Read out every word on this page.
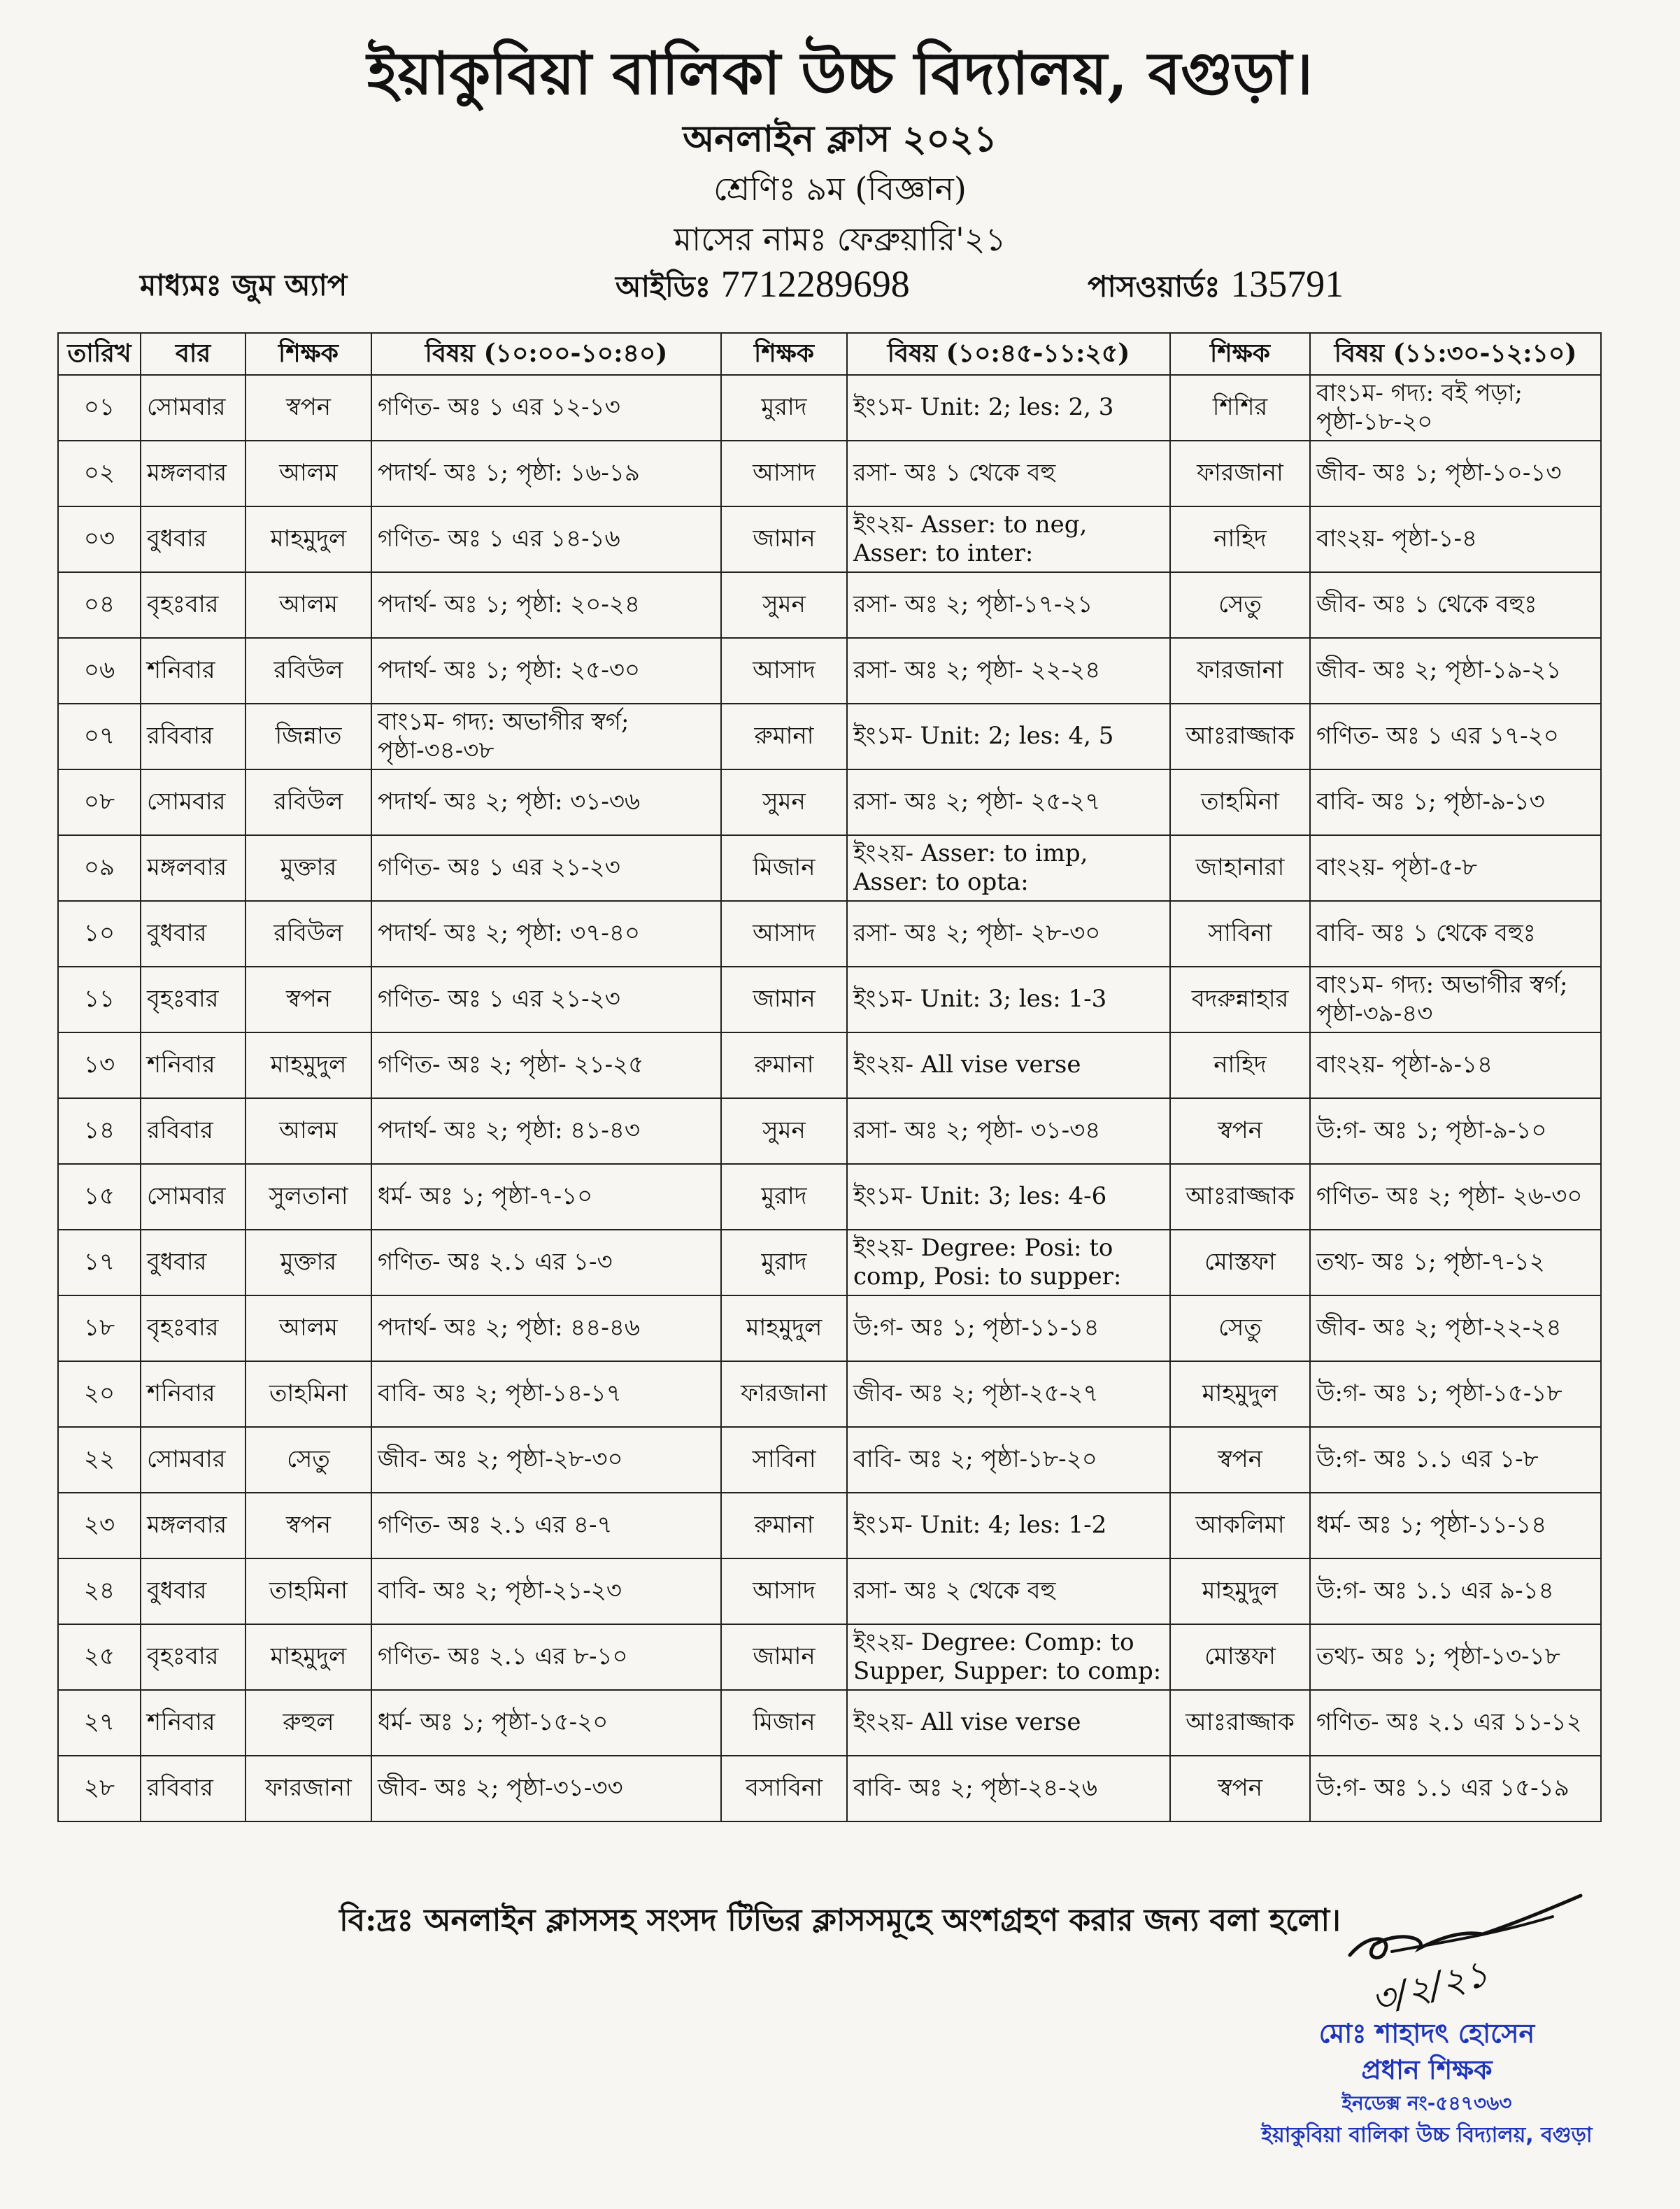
ইয়াকুবিয়া বালিকা উচ্চ বিদ্যালয়, বগুড়া।
অনলাইন ক্লাস ২০২১
শ্রেণিঃ ৯ম (বিজ্ঞান)
মাসের নামঃ ফেব্রুয়ারি'২১
মাধ্যমঃ জুম অ্যাপ	আইডিঃ 7712289698	পাসওয়ার্ডঃ 135791
তারিখ	বার	শিক্ষক	বিষয় (১০:০০-১০:৪০)	শিক্ষক	বিষয় (১০:৪৫-১১:২৫)	শিক্ষক	বিষয় (১১:৩০-১২:১০)
০১	সোমবার	স্বপন	গণিত- অঃ ১ এর ১২-১৩	মুরাদ	ইং১ম- Unit: 2; les: 2, 3	শিশির	বাং১ম- গদ্য: বই পড়া; পৃষ্ঠা-১৮-২০
০২	মঙ্গলবার	আলম	পদার্থ- অঃ ১; পৃষ্ঠা: ১৬-১৯	আসাদ	রসা- অঃ ১ থেকে বহু	ফারজানা	জীব- অঃ ১; পৃষ্ঠা-১০-১৩
০৩	বুধবার	মাহমুদুল	গণিত- অঃ ১ এর ১৪-১৬	জামান	ইং২য়- Asser: to neg, Asser: to inter:	নাহিদ	বাং২য়- পৃষ্ঠা-১-৪
০৪	বৃহঃবার	আলম	পদার্থ- অঃ ১; পৃষ্ঠা: ২০-২৪	সুমন	রসা- অঃ ২; পৃষ্ঠা-১৭-২১	সেতু	জীব- অঃ ১ থেকে বহুঃ
০৬	শনিবার	রবিউল	পদার্থ- অঃ ১; পৃষ্ঠা: ২৫-৩০	আসাদ	রসা- অঃ ২; পৃষ্ঠা- ২২-২৪	ফারজানা	জীব- অঃ ২; পৃষ্ঠা-১৯-২১
০৭	রবিবার	জিন্নাত	বাং১ম- গদ্য: অভাগীর স্বর্গ; পৃষ্ঠা-৩৪-৩৮	রুমানা	ইং১ম- Unit: 2; les: 4, 5	আঃরাজ্জাক	গণিত- অঃ ১ এর ১৭-২০
০৮	সোমবার	রবিউল	পদার্থ- অঃ ২; পৃষ্ঠা: ৩১-৩৬	সুমন	রসা- অঃ ২; পৃষ্ঠা- ২৫-২৭	তাহমিনা	বাবি- অঃ ১; পৃষ্ঠা-৯-১৩
০৯	মঙ্গলবার	মুক্তার	গণিত- অঃ ১ এর ২১-২৩	মিজান	ইং২য়- Asser: to imp, Asser: to opta:	জাহানারা	বাং২য়- পৃষ্ঠা-৫-৮
১০	বুধবার	রবিউল	পদার্থ- অঃ ২; পৃষ্ঠা: ৩৭-৪০	আসাদ	রসা- অঃ ২; পৃষ্ঠা- ২৮-৩০	সাবিনা	বাবি- অঃ ১ থেকে বহুঃ
১১	বৃহঃবার	স্বপন	গণিত- অঃ ১ এর ২১-২৩	জামান	ইং১ম- Unit: 3; les: 1-3	বদরুন্নাহার	বাং১ম- গদ্য: অভাগীর স্বর্গ; পৃষ্ঠা-৩৯-৪৩
১৩	শনিবার	মাহমুদুল	গণিত- অঃ ২; পৃষ্ঠা- ২১-২৫	রুমানা	ইং২য়- All vise verse	নাহিদ	বাং২য়- পৃষ্ঠা-৯-১৪
১৪	রবিবার	আলম	পদার্থ- অঃ ২; পৃষ্ঠা: ৪১-৪৩	সুমন	রসা- অঃ ২; পৃষ্ঠা- ৩১-৩৪	স্বপন	উ:গ- অঃ ১; পৃষ্ঠা-৯-১০
১৫	সোমবার	সুলতানা	ধর্ম- অঃ ১; পৃষ্ঠা-৭-১০	মুরাদ	ইং১ম- Unit: 3; les: 4-6	আঃরাজ্জাক	গণিত- অঃ ২; পৃষ্ঠা- ২৬-৩০
১৭	বুধবার	মুক্তার	গণিত- অঃ ২.১ এর ১-৩	মুরাদ	ইং২য়- Degree: Posi: to comp, Posi: to supper:	মোস্তফা	তথ্য- অঃ ১; পৃষ্ঠা-৭-১২
১৮	বৃহঃবার	আলম	পদার্থ- অঃ ২; পৃষ্ঠা: ৪৪-৪৬	মাহমুদুল	উ:গ- অঃ ১; পৃষ্ঠা-১১-১৪	সেতু	জীব- অঃ ২; পৃষ্ঠা-২২-২৪
২০	শনিবার	তাহমিনা	বাবি- অঃ ২; পৃষ্ঠা-১৪-১৭	ফারজানা	জীব- অঃ ২; পৃষ্ঠা-২৫-২৭	মাহমুদুল	উ:গ- অঃ ১; পৃষ্ঠা-১৫-১৮
২২	সোমবার	সেতু	জীব- অঃ ২; পৃষ্ঠা-২৮-৩০	সাবিনা	বাবি- অঃ ২; পৃষ্ঠা-১৮-২০	স্বপন	উ:গ- অঃ ১.১ এর ১-৮
২৩	মঙ্গলবার	স্বপন	গণিত- অঃ ২.১ এর ৪-৭	রুমানা	ইং১ম- Unit: 4; les: 1-2	আকলিমা	ধর্ম- অঃ ১; পৃষ্ঠা-১১-১৪
২৪	বুধবার	তাহমিনা	বাবি- অঃ ২; পৃষ্ঠা-২১-২৩	আসাদ	রসা- অঃ ২ থেকে বহু	মাহমুদুল	উ:গ- অঃ ১.১ এর ৯-১৪
২৫	বৃহঃবার	মাহমুদুল	গণিত- অঃ ২.১ এর ৮-১০	জামান	ইং২য়- Degree: Comp: to Supper, Supper: to comp:	মোস্তফা	তথ্য- অঃ ১; পৃষ্ঠা-১৩-১৮
২৭	শনিবার	রুহুল	ধর্ম- অঃ ১; পৃষ্ঠা-১৫-২০	মিজান	ইং২য়- All vise verse	আঃরাজ্জাক	গণিত- অঃ ২.১ এর ১১-১২
২৮	রবিবার	ফারজানা	জীব- অঃ ২; পৃষ্ঠা-৩১-৩৩	বসাবিনা	বাবি- অঃ ২; পৃষ্ঠা-২৪-২৬	স্বপন	উ:গ- অঃ ১.১ এর ১৫-১৯
বি:দ্রঃ অনলাইন ক্লাসসহ সংসদ টিভির ক্লাসসমূহে অংশগ্রহণ করার জন্য বলা হলো।
৩/২/২১
মোঃ শাহাদৎ হোসেন
প্রধান শিক্ষক
ইনডেক্স নং-৫৪৭৩৬৩
ইয়াকুবিয়া বালিকা উচ্চ বিদ্যালয়, বগুড়া
